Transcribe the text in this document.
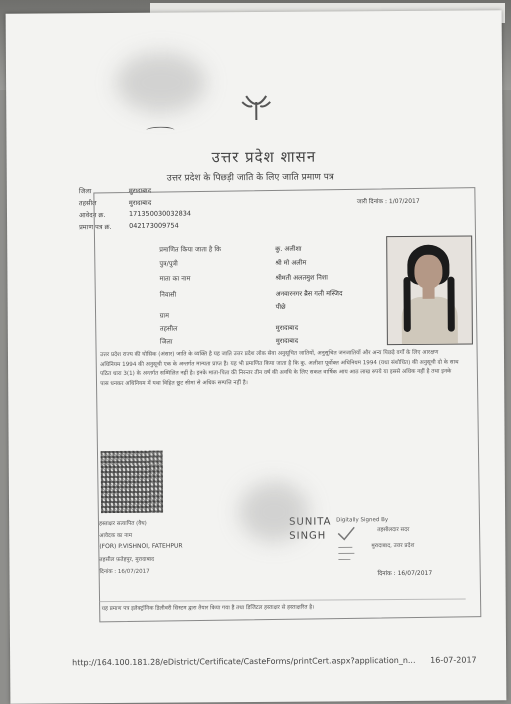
उत्तर प्रदेश शासन
उत्तर प्रदेश के पिछड़ी जाति के लिए जाति प्रमाण पत्र
जारी दिनांक : 1/07/2017
जिला	मुरादाबाद
तहसील	मुरादाबाद
आवेदन क्र.	171350030032834
प्रमाण पत्र क्र.	042173009754
प्रमाणित किया जाता है कि	कु. अलीशा
पुत्र/पुत्री	श्री मो अलीम
माता का नाम	श्रीमती अलतमुश निशा
निवासी	अनवारनगर ब्रैस गली मस्जिद
पीछे
ग्राम
तहसील	मुरादाबाद
जिला	मुरादाबाद
उत्तर प्रदेश राज्य की घोसिक (अंसार) जाति के व्यक्ति है यह जाति उत्तर प्रदेश लोक सेवा अनुसूचित जातियों, अनुसूचित जनजातियों और अन्य पिछड़े वर्गों के लिए आरक्षण अधिनियम 1994 की अनुसूची एक के अन्तर्गत मान्यता प्राप्त है। यह भी प्रमाणित किया जाता है कि कु. अलीशा पूर्वोक्त अधिनियम 1994 (यथा संशोधित) की अनुसूची दो के साथ पठित धारा 3(1) के अन्तर्गत सम्मिलित नहीं है। इनके माता-पिता की निरन्तर तीन वर्ष की अवधि के लिए सकल वार्षिक आय आठ लाख रुपये या इससे अधिक नहीं है तथा इनके पास धनकर अधिनियम में यथा विहित छूट सीमा से अधिक सम्पत्ति नहीं है।
हस्ताक्षर सत्यापित (वैध)
आवेदक का नाम
(FOR) P.VISHNOI, FATEHPUR
तहसील फ़तेहपुर, मुरादाबाद
दिनांक : 16/07/2017
SUNITA SINGH
Digitally Signed By
तहसीलदार सदर
मुरादाबाद, उत्तर प्रदेश
दिनांक : 16/07/2017
यह प्रमाण पत्र इलेक्ट्रॉनिक डिलीवरी सिस्टम द्वारा तैयार किया गया है तथा डिजिटल हस्ताक्षर से हस्ताक्षरित है।
http://164.100.181.28/eDistrict/Certificate/CasteForms/printCert.aspx?application_n... 16-07-2017
